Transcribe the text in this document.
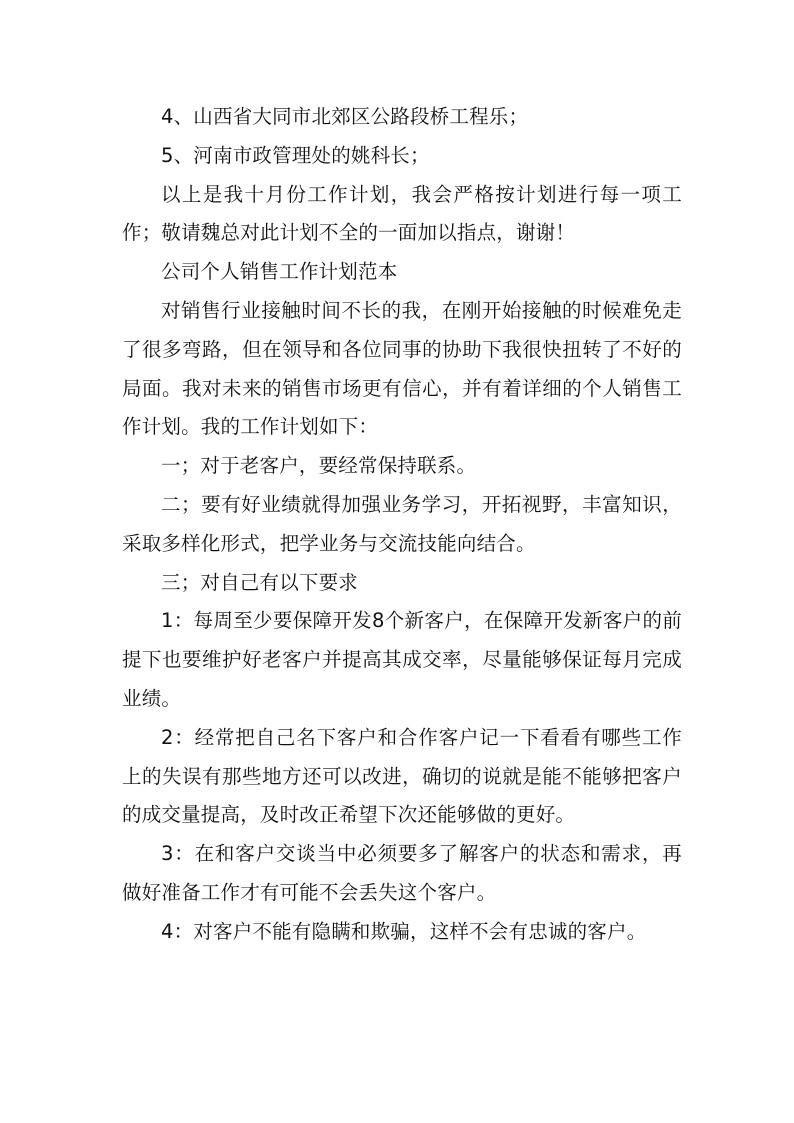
4、山西省大同市北郊区公路段桥工程乐；

5、河南市政管理处的姚科长；

以上是我十月份工作计划，我会严格按计划进行每一项工作；敬请魏总对此计划不全的一面加以指点，谢谢！

公司个人销售工作计划范本

对销售行业接触时间不长的我，在刚开始接触的时候难免走了很多弯路，但在领导和各位同事的协助下我很快扭转了不好的局面。我对未来的销售市场更有信心，并有着详细的个人销售工作计划。我的工作计划如下：

一；对于老客户，要经常保持联系。

二；要有好业绩就得加强业务学习，开拓视野，丰富知识，采取多样化形式，把学业务与交流技能向结合。

三；对自己有以下要求

1：每周至少要保障开发8个新客户，在保障开发新客户的前提下也要维护好老客户并提高其成交率，尽量能够保证每月完成业绩。

2：经常把自己名下客户和合作客户记一下看看有哪些工作上的失误有那些地方还可以改进，确切的说就是能不能够把客户的成交量提高，及时改正希望下次还能够做的更好。

3：在和客户交谈当中必须要多了解客户的状态和需求，再做好准备工作才有可能不会丢失这个客户。

4：对客户不能有隐瞒和欺骗，这样不会有忠诚的客户。
